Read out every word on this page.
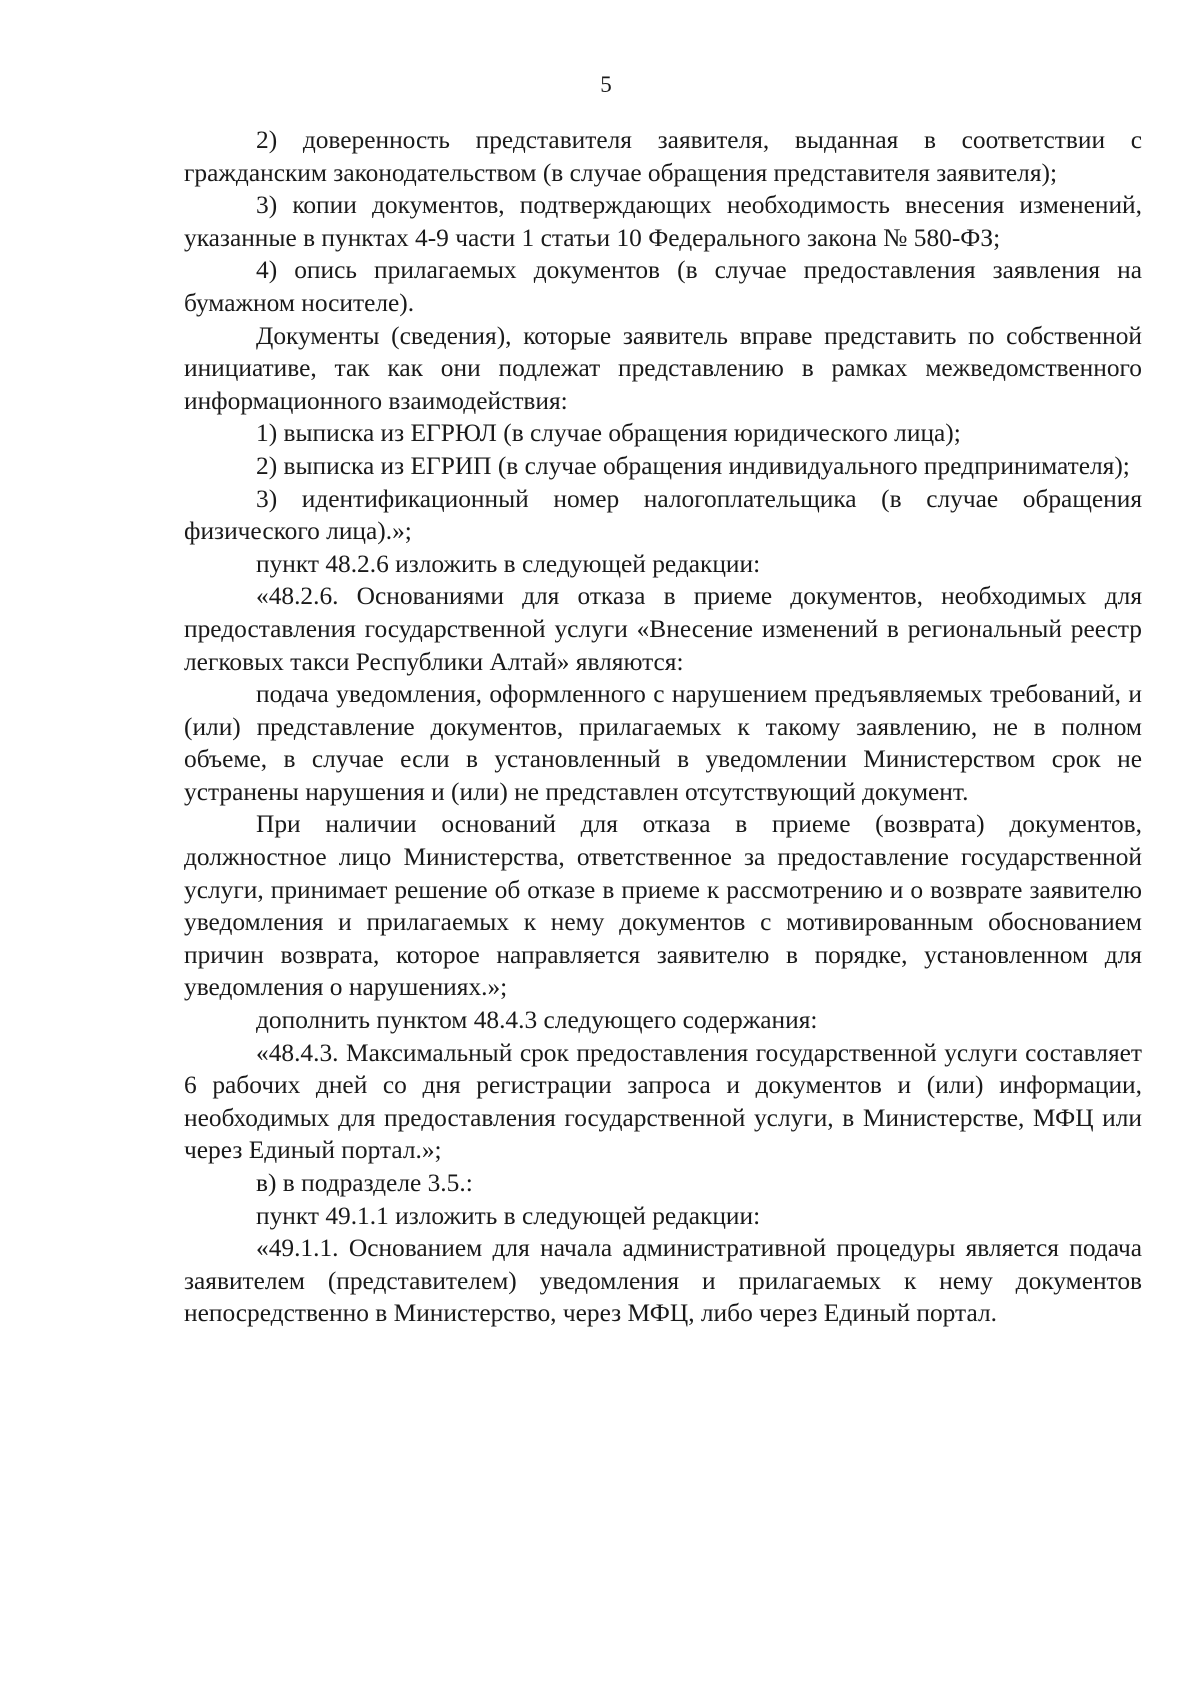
5

2) доверенность представителя заявителя, выданная в соответствии с гражданским законодательством (в случае обращения представителя заявителя);

3) копии документов, подтверждающих необходимость внесения изменений, указанные в пунктах 4-9 части 1 статьи 10 Федерального закона № 580-ФЗ;

4) опись прилагаемых документов (в случае предоставления заявления на бумажном носителе).

Документы (сведения), которые заявитель вправе представить по собственной инициативе, так как они подлежат представлению в рамках межведомственного информационного взаимодействия:

1) выписка из ЕГРЮЛ (в случае обращения юридического лица);

2) выписка из ЕГРИП (в случае обращения индивидуального предпринимателя);

3) идентификационный номер налогоплательщика (в случае обращения физического лица).»;

пункт 48.2.6 изложить в следующей редакции:

«48.2.6. Основаниями для отказа в приеме документов, необходимых для предоставления государственной услуги «Внесение изменений в региональный реестр легковых такси Республики Алтай» являются:

подача уведомления, оформленного с нарушением предъявляемых требований, и (или) представление документов, прилагаемых к такому заявлению, не в полном объеме, в случае если в установленный в уведомлении Министерством срок не устранены нарушения и (или) не представлен отсутствующий документ.

При наличии оснований для отказа в приеме (возврата) документов, должностное лицо Министерства, ответственное за предоставление государственной услуги, принимает решение об отказе в приеме к рассмотрению и о возврате заявителю уведомления и прилагаемых к нему документов с мотивированным обоснованием причин возврата, которое направляется заявителю в порядке, установленном для уведомления о нарушениях.»;

дополнить пунктом 48.4.3 следующего содержания:

«48.4.3. Максимальный срок предоставления государственной услуги составляет 6 рабочих дней со дня регистрации запроса и документов и (или) информации, необходимых для предоставления государственной услуги, в Министерстве, МФЦ или через Единый портал.»;

в) в подразделе 3.5.:

пункт 49.1.1 изложить в следующей редакции:

«49.1.1. Основанием для начала административной процедуры является подача заявителем (представителем) уведомления и прилагаемых к нему документов непосредственно в Министерство, через МФЦ, либо через Единый портал.
